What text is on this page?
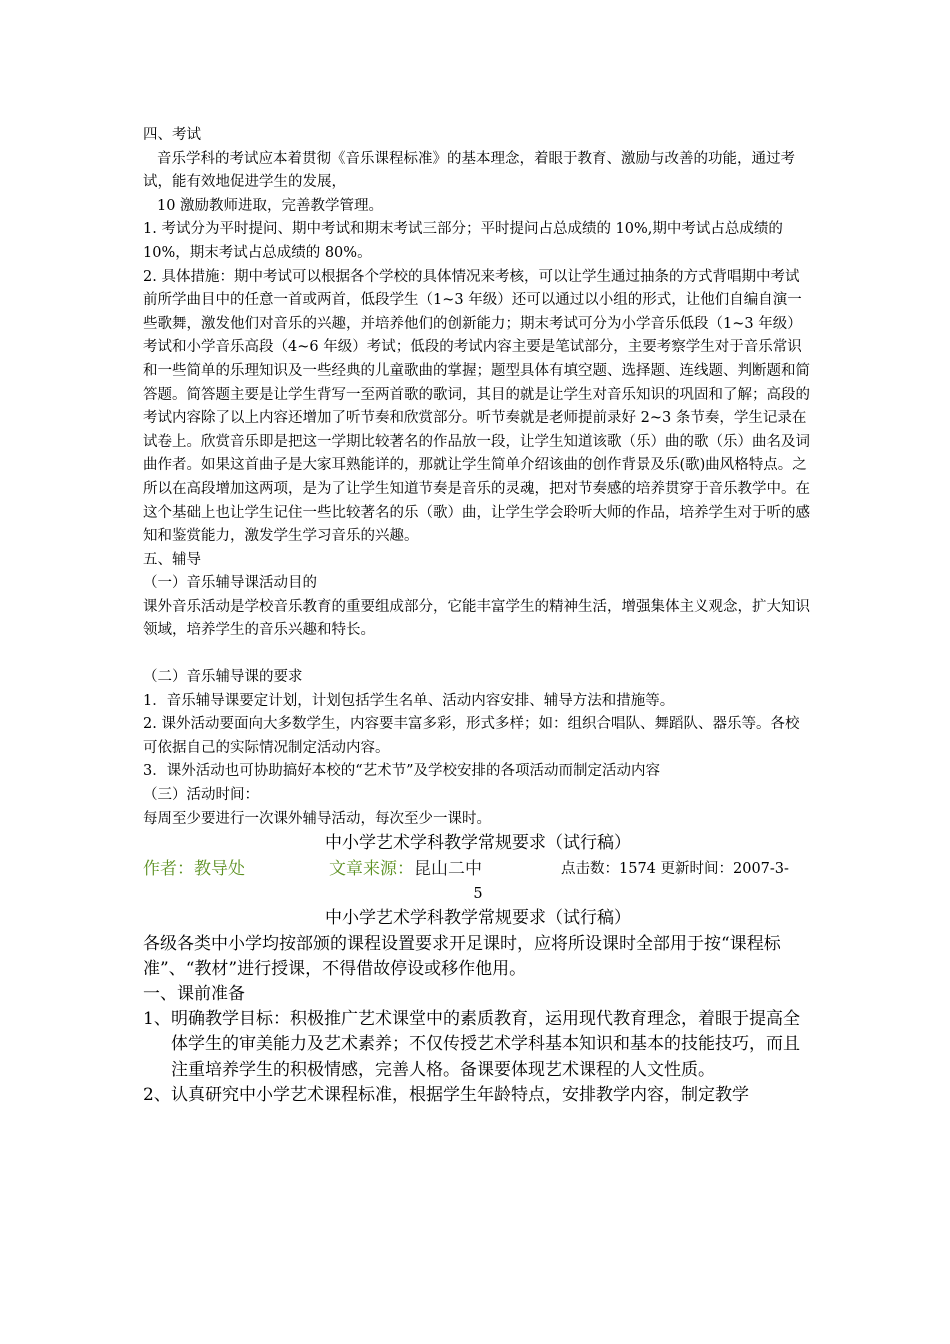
四、考试

音乐学科的考试应本着贯彻《音乐课程标准》的基本理念，着眼于教育、激励与改善的功能，通过考试，能有效地促进学生的发展，

10 激励教师进取，完善教学管理。

1. 考试分为平时提问、期中考试和期末考试三部分；平时提问占总成绩的 10%,期中考试占总成绩的 10%，期末考试占总成绩的 80%。

2. 具体措施：期中考试可以根据各个学校的具体情况来考核，可以让学生通过抽条的方式背唱期中考试前所学曲目中的任意一首或两首，低段学生（1~3 年级）还可以通过以小组的形式，让他们自编自演一些歌舞，激发他们对音乐的兴趣，并培养他们的创新能力；期末考试可分为小学音乐低段（1~3 年级）考试和小学音乐高段（4~6 年级）考试；低段的考试内容主要是笔试部分，主要考察学生对于音乐常识和一些简单的乐理知识及一些经典的儿童歌曲的掌握；题型具体有填空题、选择题、连线题、判断题和简答题。简答题主要是让学生背写一至两首歌的歌词，其目的就是让学生对音乐知识的巩固和了解；高段的考试内容除了以上内容还增加了听节奏和欣赏部分。听节奏就是老师提前录好 2~3 条节奏，学生记录在试卷上。欣赏音乐即是把这一学期比较著名的作品放一段，让学生知道该歌（乐）曲的歌（乐）曲名及词曲作者。如果这首曲子是大家耳熟能详的，那就让学生简单介绍该曲的创作背景及乐(歌)曲风格特点。之所以在高段增加这两项，是为了让学生知道节奏是音乐的灵魂，把对节奏感的培养贯穿于音乐教学中。在这个基础上也让学生记住一些比较著名的乐（歌）曲，让学生学会聆听大师的作品，培养学生对于听的感知和鉴赏能力，激发学生学习音乐的兴趣。

五、辅导

（一）音乐辅导课活动目的

课外音乐活动是学校音乐教育的重要组成部分，它能丰富学生的精神生活，增强集体主义观念，扩大知识领域，培养学生的音乐兴趣和特长。

（二）音乐辅导课的要求

1．音乐辅导课要定计划，计划包括学生名单、活动内容安排、辅导方法和措施等。

2. 课外活动要面向大多数学生，内容要丰富多彩，形式多样；如：组织合唱队、舞蹈队、器乐等。各校可依据自己的实际情况制定活动内容。

3．课外活动也可协助搞好本校的“艺术节”及学校安排的各项活动而制定活动内容

（三）活动时间：

每周至少要进行一次课外辅导活动，每次至少一课时。

中小学艺术学科教学常规要求（试行稿）

作者：教导处	文章来源：昆山二中	点击数：1574 更新时间：2007-3-

5

中小学艺术学科教学常规要求（试行稿）

各级各类中小学均按部颁的课程设置要求开足课时，应将所设课时全部用于按“课程标准”、“教材”进行授课，不得借故停设或移作他用。

一、课前准备

1、 明确教学目标：积极推广艺术课堂中的素质教育，运用现代教育理念，着眼于提高全体学生的审美能力及艺术素养；不仅传授艺术学科基本知识和基本的技能技巧，而且注重培养学生的积极情感，完善人格。备课要体现艺术课程的人文性质。
2、 认真研究中小学艺术课程标准，根据学生年龄特点，安排教学内容，制定教学
